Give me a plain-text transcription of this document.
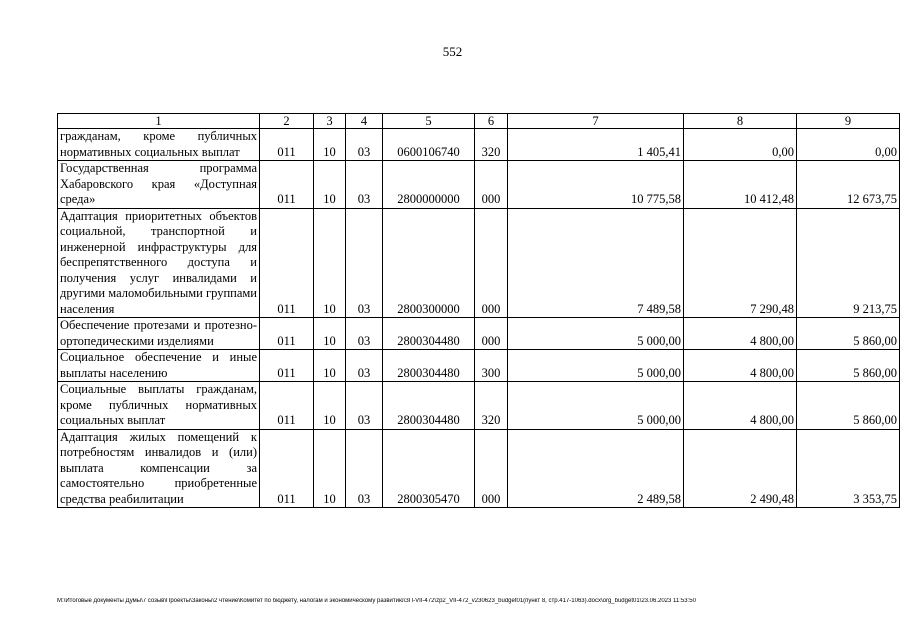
552
1	2	3	4	5	6	7	8	9
гражданам, кроме публичных нормативных социальных выплат	011	10	03	0600106740	320	1 405,41	0,00	0,00
Государственная программа Хабаровского края «Доступная среда»	011	10	03	2800000000	000	10 775,58	10 412,48	12 673,75
Адаптация приоритетных объектов социальной, транспортной и инженерной инфраструктуры для беспрепятственного доступа и получения услуг инвалидами и другими маломобильными группами населения	011	10	03	2800300000	000	7 489,58	7 290,48	9 213,75
Обеспечение протезами и протезно-ортопедическими изделиями	011	10	03	2800304480	000	5 000,00	4 800,00	5 860,00
Социальное обеспечение и иные выплаты населению	011	10	03	2800304480	300	5 000,00	4 800,00	5 860,00
Социальные выплаты гражданам, кроме публичных нормативных социальных выплат	011	10	03	2800304480	320	5 000,00	4 800,00	5 860,00
Адаптация жилых помещений к потребностям инвалидов и (или) выплата компенсации за самостоятельно приобретенные средства реабилитации	011	10	03	2800305470	000	2 489,58	2 490,48	3 353,75
M:\Итоговые документы Думы\7 созыв\Проекты\Законы\2 чтение\Комитет по бюджету, налогам и экономическому развитию\ЗП-VII-472\zp2_VII-472_v230623_budget01(пункт 8, стр.417-1063).docx\org_budget01\23.06.2023 11:53:50
